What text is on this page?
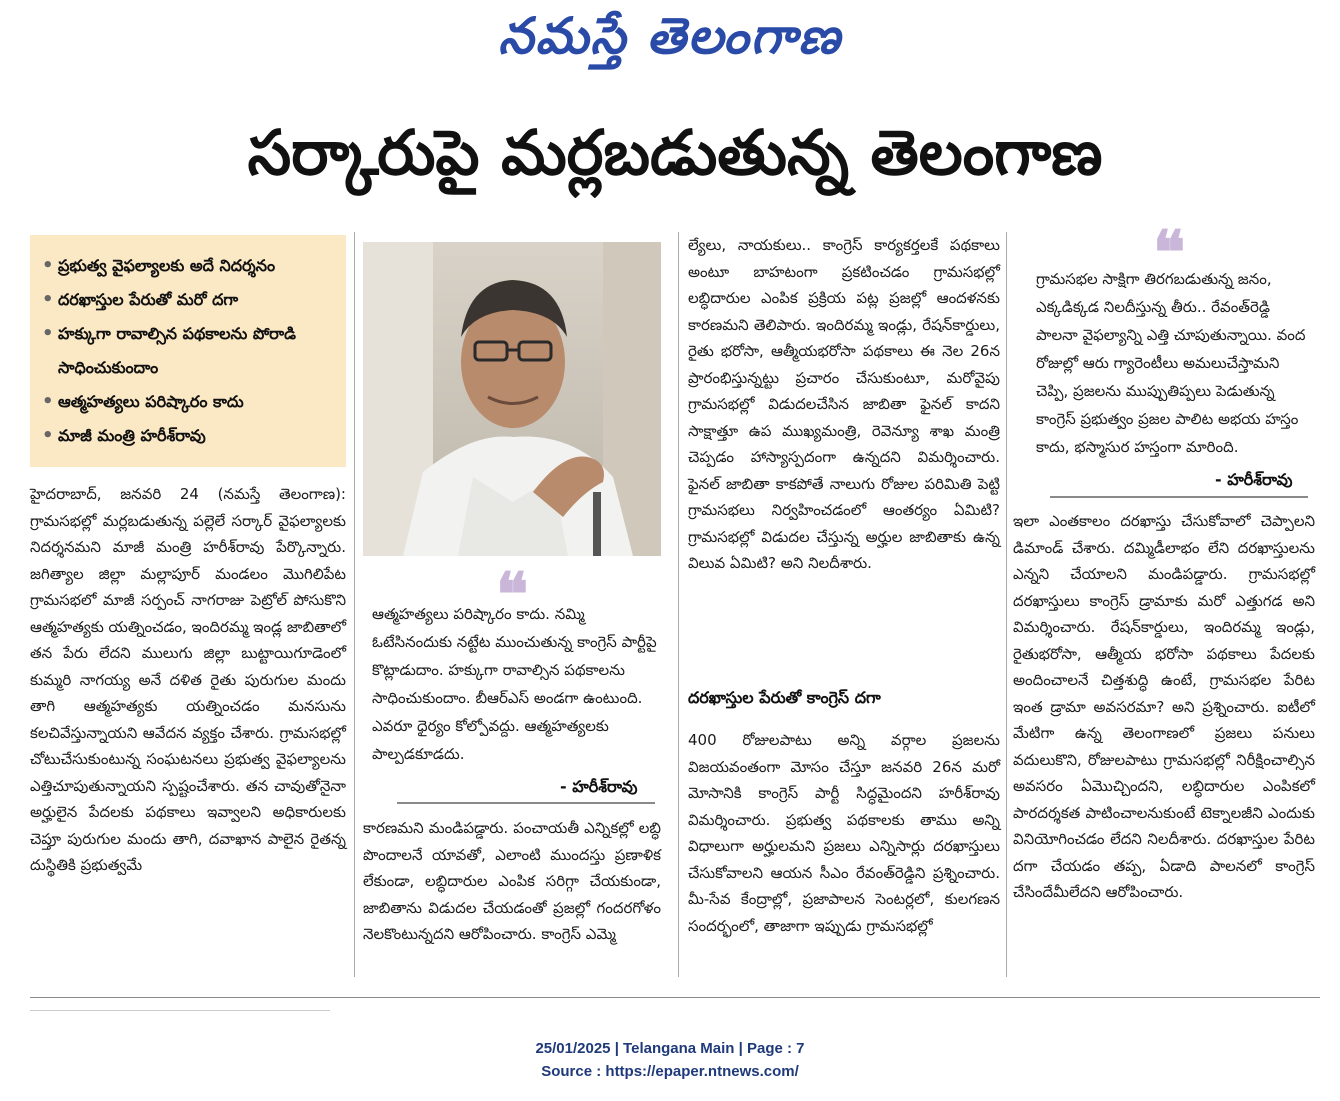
నమస్తే తెలంగాణ
సర్కారుపై మర్లబడుతున్న తెలంగాణ
• ప్రభుత్వ వైఫల్యాలకు అదే నిదర్శనం
• దరఖాస్తుల పేరుతో మరో దగా
• హక్కుగా రావాల్సిన పథకాలను పోరాడి సాధించుకుందాం
• ఆత్మహత్యలు పరిష్కారం కాదు
• మాజీ మంత్రి హరీశ్‌రావు
హైదరాబాద్, జనవరి 24 (నమస్తే తెలంగాణ): గ్రామసభల్లో మర్లబడుతున్న పల్లెలే సర్కార్ వైఫల్యాలకు నిదర్శనమని మాజీ మంత్రి హరీశ్‌రావు పేర్కొన్నారు. జగిత్యాల జిల్లా మల్లాపూర్ మండలం మొగిలిపేట గ్రామసభలో మాజీ సర్పంచ్ నాగరాజు పెట్రోల్ పోసుకొని ఆత్మహత్యకు యత్నించడం, ఇందిరమ్మ ఇండ్ల జాబితాలో తన పేరు లేదని ములుగు జిల్లా బుట్టాయిగూడెంలో కుమ్మరి నాగయ్య అనే దళిత రైతు పురుగుల మందు తాగి ఆత్మహత్యకు యత్నించడం మనసును కలచివేస్తున్నాయని ఆవేదన వ్యక్తం చేశారు. గ్రామసభల్లో చోటుచేసుకుంటున్న సంఘటనలు ప్రభుత్వ వైఫల్యాలను ఎత్తిచూపుతున్నాయని స్పష్టంచేశారు. తన చావుతోనైనా అర్హులైన పేదలకు పథకాలు ఇవ్వాలని అధికారులకు చెప్తూ పురుగుల మందు తాగి, దవాఖాన పాలైన రైతన్న దుస్థితికి ప్రభుత్వమే
❝
ఆత్మహత్యలు పరిష్కారం కాదు. నమ్మి ఓటేసినందుకు నట్టేట ముంచుతున్న కాంగ్రెస్ పార్టీపై కొట్లాడుదాం. హక్కుగా రావాల్సిన పథకాలను సాధించుకుందాం. బీఆర్‌ఎస్ అండగా ఉంటుంది. ఎవరూ ధైర్యం కోల్పోవద్దు. ఆత్మహత్యలకు పాల్పడకూడదు.
- హరీశ్‌రావు
కారణమని మండిపడ్డారు. పంచాయతీ ఎన్నికల్లో లబ్ధి పొందాలనే యావతో, ఎలాంటి ముందస్తు ప్రణాళిక లేకుండా, లబ్ధిదారుల ఎంపిక సరిగ్గా చేయకుండా, జాబితాను విడుదల చేయడంతో ప్రజల్లో గందరగోళం నెలకొంటున్నదని ఆరోపించారు. కాంగ్రెస్ ఎమ్మె
ల్యేలు, నాయకులు.. కాంగ్రెస్ కార్యకర్తలకే పథకాలు అంటూ బాహటంగా ప్రకటించడం గ్రామసభల్లో లబ్ధిదారుల ఎంపిక ప్రక్రియ పట్ల ప్రజల్లో ఆందళనకు కారణమని తెలిపారు. ఇందిరమ్మ ఇండ్లు, రేషన్‌కార్డులు, రైతు భరోసా, ఆత్మీయభరోసా పథకాలు ఈ నెల 26న ప్రారంభిస్తున్నట్టు ప్రచారం చేసుకుంటూ, మరోవైపు గ్రామసభల్లో విడుదలచేసిన జాబితా ఫైనల్ కాదని సాక్షాత్తూ ఉప ముఖ్యమంత్రి, రెవెన్యూ శాఖ మంత్రి చెప్పడం హాస్యాస్పదంగా ఉన్నదని విమర్శించారు. ఫైనల్ జాబితా కాకపోతే నాలుగు రోజుల పరిమితి పెట్టి గ్రామసభలు నిర్వహించడంలో ఆంతర్యం ఏమిటి? గ్రామసభల్లో విడుదల చేస్తున్న అర్హుల జాబితాకు ఉన్న విలువ ఏమిటి? అని నిలదీశారు.
దరఖాస్తుల పేరుతో కాంగ్రెస్ దగా
400 రోజులపాటు అన్ని వర్గాల ప్రజలను విజయవంతంగా మోసం చేస్తూ జనవరి 26న మరో మోసానికి కాంగ్రెస్ పార్టీ సిద్ధమైందని హరీశ్‌రావు విమర్శించారు. ప్రభుత్వ పథకాలకు తాము అన్ని విధాలుగా అర్హులమని ప్రజలు ఎన్నిసార్లు దరఖాస్తులు చేసుకోవాలని ఆయన సీఎం రేవంత్‌రెడ్డిని ప్రశ్నించారు. మీ-సేవ కేంద్రాల్లో, ప్రజాపాలన సెంటర్లలో, కులగణన సందర్భంలో, తాజాగా ఇప్పుడు గ్రామసభల్లో
❝
గ్రామసభల సాక్షిగా తిరగబడుతున్న జనం, ఎక్కడిక్కడ నిలదీస్తున్న తీరు.. రేవంత్‌రెడ్డి పాలనా వైఫల్యాన్ని ఎత్తి చూపుతున్నాయి. వంద రోజుల్లో ఆరు గ్యారెంటీలు అమలుచేస్తామని చెప్పి, ప్రజలను ముప్పుతిప్పలు పెడుతున్న కాంగ్రెస్ ప్రభుత్వం ప్రజల పాలిట అభయ హస్తం కాదు, భస్మాసుర హస్తంగా మారింది.
- హరీశ్‌రావు
ఇలా ఎంతకాలం దరఖాస్తు చేసుకోవాలో చెప్పాలని డిమాండ్ చేశారు. దమ్మిడీలాభం లేని దరఖాస్తులను ఎన్నని చేయాలని మండిపడ్డారు. గ్రామసభల్లో దరఖాస్తులు కాంగ్రెస్ డ్రామాకు మరో ఎత్తుగడ అని విమర్శించారు. రేషన్‌కార్డులు, ఇందిరమ్మ ఇండ్లు, రైతుభరోసా, ఆత్మీయ భరోసా పథకాలు పేదలకు అందించాలనే చిత్తశుద్ధి ఉంటే, గ్రామసభల పేరిట ఇంత డ్రామా అవసరమా? అని ప్రశ్నించారు. ఐటీలో మేటిగా ఉన్న తెలంగాణలో ప్రజలు పనులు వదులుకొని, రోజులపాటు గ్రామసభల్లో నిరీక్షించాల్సిన అవసరం ఏమొచ్చిందని, లబ్ధిదారుల ఎంపికలో పారదర్శకత పాటించాలనుకుంటే టెక్నాలజీని ఎందుకు వినియోగించడం లేదని నిలదీశారు. దరఖాస్తుల పేరిట దగా చేయడం తప్ప, ఏడాది పాలనలో కాంగ్రెస్ చేసిందేమీలేదని ఆరోపించారు.
25/01/2025 | Telangana Main | Page : 7
Source : https://epaper.ntnews.com/
